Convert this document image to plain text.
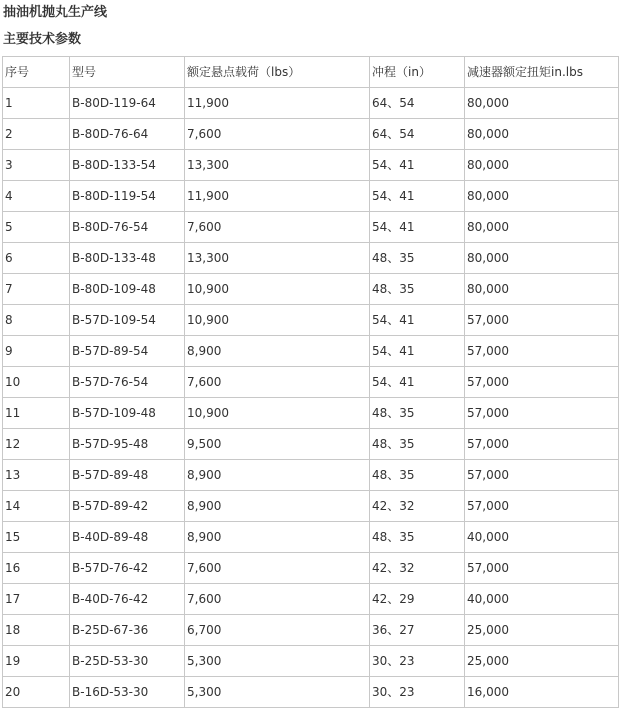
抽油机抛丸生产线
主要技术参数
序号	型号	额定悬点载荷（lbs）	冲程（in）	减速器额定扭矩in.lbs
1	B-80D-119-64	11,900	64、54	80,000
2	B-80D-76-64	7,600	64、54	80,000
3	B-80D-133-54	13,300	54、41	80,000
4	B-80D-119-54	11,900	54、41	80,000
5	B-80D-76-54	7,600	54、41	80,000
6	B-80D-133-48	13,300	48、35	80,000
7	B-80D-109-48	10,900	48、35	80,000
8	B-57D-109-54	10,900	54、41	57,000
9	B-57D-89-54	8,900	54、41	57,000
10	B-57D-76-54	7,600	54、41	57,000
11	B-57D-109-48	10,900	48、35	57,000
12	B-57D-95-48	9,500	48、35	57,000
13	B-57D-89-48	8,900	48、35	57,000
14	B-57D-89-42	8,900	42、32	57,000
15	B-40D-89-48	8,900	48、35	40,000
16	B-57D-76-42	7,600	42、32	57,000
17	B-40D-76-42	7,600	42、29	40,000
18	B-25D-67-36	6,700	36、27	25,000
19	B-25D-53-30	5,300	30、23	25,000
20	B-16D-53-30	5,300	30、23	16,000
